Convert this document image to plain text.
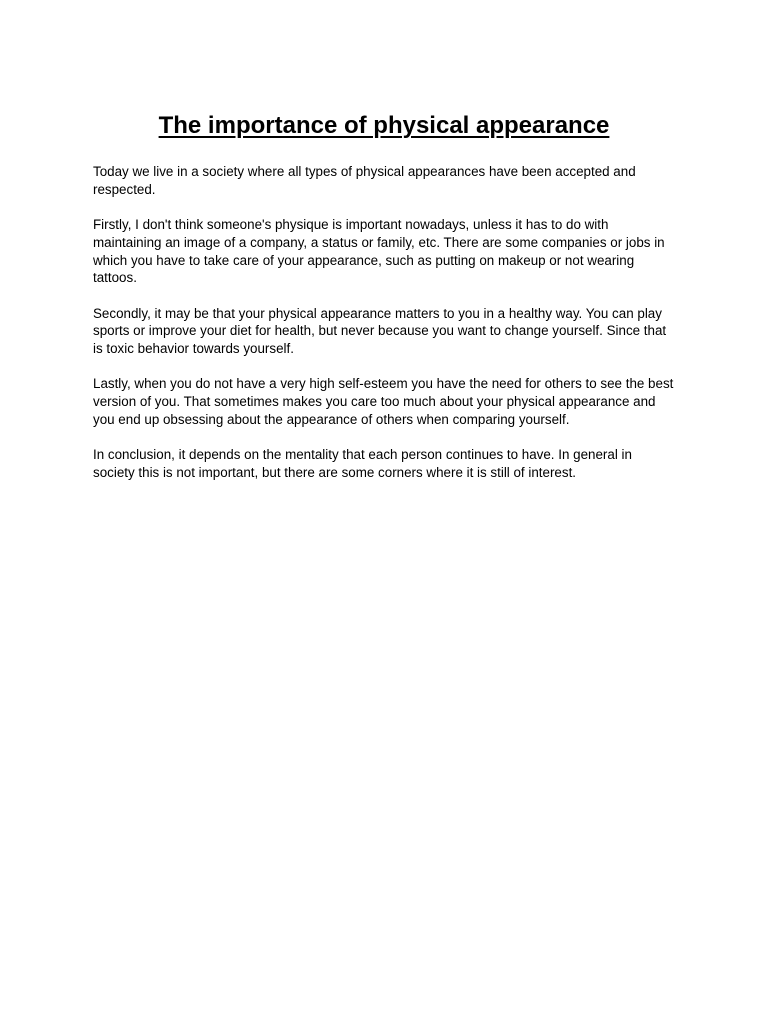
The importance of physical appearance

Today we live in a society where all types of physical appearances have been accepted and respected.

Firstly, I don't think someone's physique is important nowadays, unless it has to do with maintaining an image of a company, a status or family, etc. There are some companies or jobs in which you have to take care of your appearance, such as putting on makeup or not wearing tattoos.

Secondly, it may be that your physical appearance matters to you in a healthy way. You can play sports or improve your diet for health, but never because you want to change yourself. Since that is toxic behavior towards yourself.

Lastly, when you do not have a very high self-esteem you have the need for others to see the best version of you. That sometimes makes you care too much about your physical appearance and you end up obsessing about the appearance of others when comparing yourself.

In conclusion, it depends on the mentality that each person continues to have. In general in society this is not important, but there are some corners where it is still of interest.
